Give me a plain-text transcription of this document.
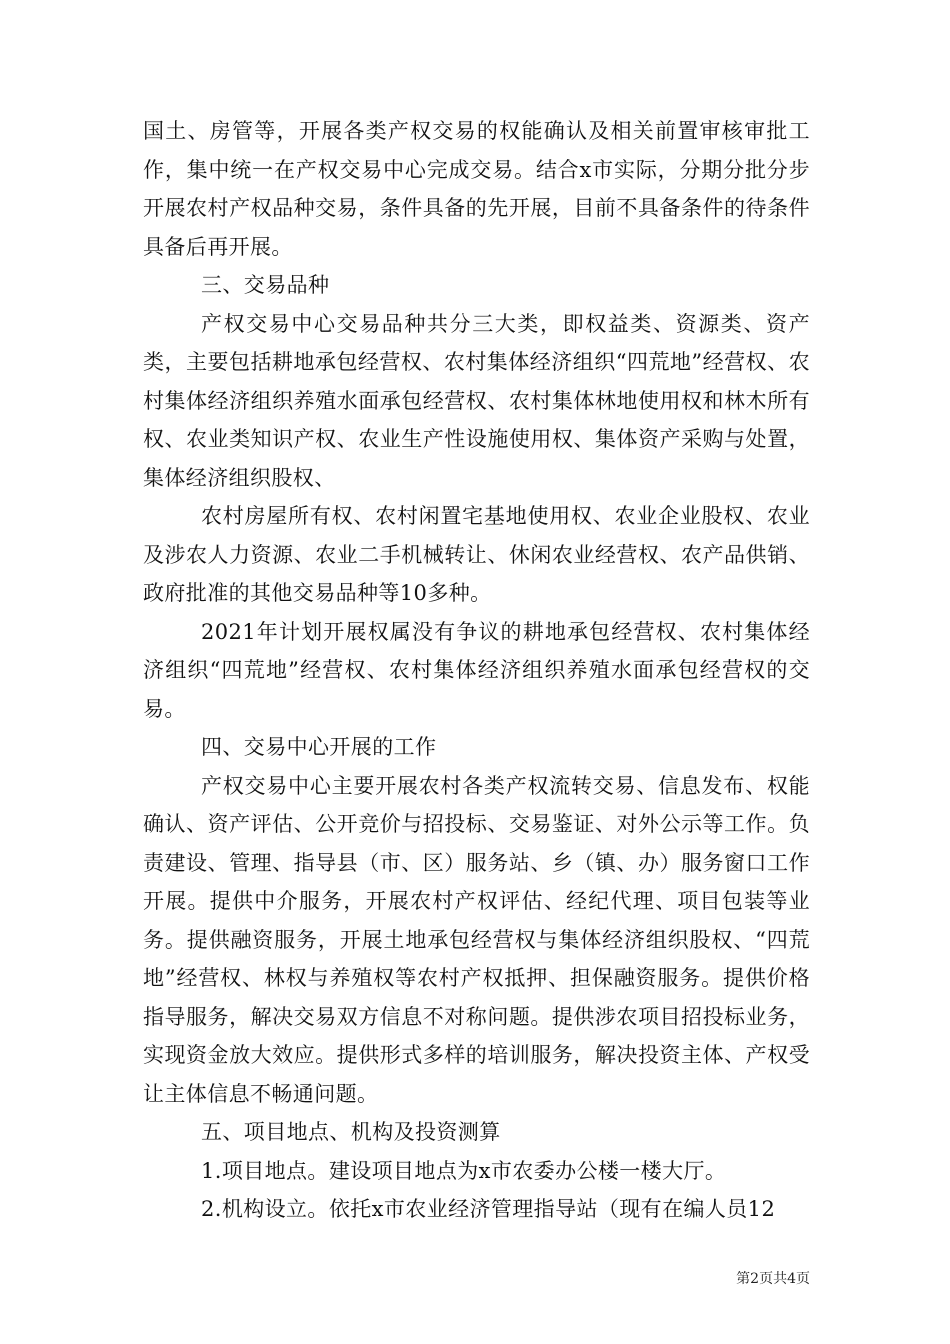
国土、房管等，开展各类产权交易的权能确认及相关前置审核审批工作，集中统一在产权交易中心完成交易。结合x市实际，分期分批分步开展农村产权品种交易，条件具备的先开展，目前不具备条件的待条件具备后再开展。

三、交易品种

产权交易中心交易品种共分三大类，即权益类、资源类、资产类，主要包括耕地承包经营权、农村集体经济组织“四荒地”经营权、农村集体经济组织养殖水面承包经营权、农村集体林地使用权和林木所有权、农业类知识产权、农业生产性设施使用权、集体资产采购与处置，集体经济组织股权、

农村房屋所有权、农村闲置宅基地使用权、农业企业股权、农业及涉农人力资源、农业二手机械转让、休闲农业经营权、农产品供销、政府批准的其他交易品种等10多种。

2021年计划开展权属没有争议的耕地承包经营权、农村集体经济组织“四荒地”经营权、农村集体经济组织养殖水面承包经营权的交易。

四、交易中心开展的工作

产权交易中心主要开展农村各类产权流转交易、信息发布、权能确认、资产评估、公开竞价与招投标、交易鉴证、对外公示等工作。负责建设、管理、指导县（市、区）服务站、乡（镇、办）服务窗口工作开展。提供中介服务，开展农村产权评估、经纪代理、项目包装等业务。提供融资服务，开展土地承包经营权与集体经济组织股权、“四荒地”经营权、林权与养殖权等农村产权抵押、担保融资服务。提供价格指导服务，解决交易双方信息不对称问题。提供涉农项目招投标业务，实现资金放大效应。提供形式多样的培训服务，解决投资主体、产权受让主体信息不畅通问题。

五、项目地点、机构及投资测算

1.项目地点。建设项目地点为x市农委办公楼一楼大厅。

2.机构设立。依托x市农业经济管理指导站（现有在编人员12

第2页共4页
